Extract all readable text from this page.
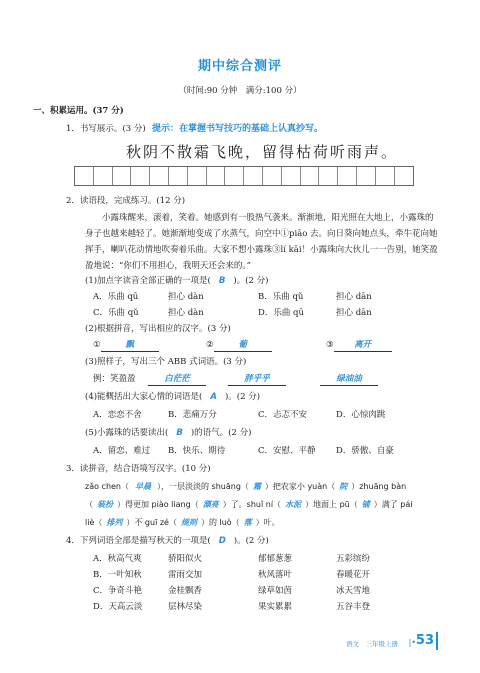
期中综合测评
（时间:90 分钟　满分:100 分）
一、积累运用。(37 分)
1．书写展示。(3 分) 提示：在掌握书写技巧的基础上认真抄写。
秋阴不散霜飞晚，留得枯荷听雨声。
2．读语段，完成练习。(12 分)
小露珠醒来，滚着，笑着。她感到有一股热气袭来。渐渐地，阳光照在大地上，小露珠的身子也越来越轻了。她渐渐地变成了水蒸气，向空中①piāo 去。向日葵向她点头，牵牛花向她挥手，喇叭花动情地吹奏着乐曲。大家不想小露珠③lí kāi！小露珠向大伙儿一一告别，她笑盈盈地说：“你们不用担心，我明天还会来的。”
(1)加点字读音全部正确的一项是( B )。(2 分)
A．乐曲 qū	担心 dàn	B．乐曲 qǔ	担心 dān
C．乐曲 qǔ	担心 dàn	D．乐曲 qū	担心 dān
(2)根据拼音，写出相应的汉字。(3 分)
①	飘	②	葡	③ 离开
(3)照样子，写出三个 ABB 式词语。(3 分)
例：笑盈盈	白茫茫	胖乎乎	绿油油
(4)能概括出大家心情的词语是( A )。(2 分)
A．恋恋不舍	B．悲痛万分	C．忐忑不安	D．心惊肉跳
(5)小露珠的话要读出( B )的语气。(2 分)
A．留恋、难过 B．快乐、期待	C．安慰、平静 D．骄傲、自豪
3．读拼音，结合语境写汉字。(10 分)
zǎo chen（ 早晨 ），一层淡淡的 shuāng（ 霜 ）把农家小 yuàn（ 院 ）zhuāng bàn
（ 装扮 ）得更加 piào liang（ 漂亮 ）了。shuǐ ní（ 水泥 ）地面上 pū（ 铺 ）满了 pái
liè（ 排列 ）不 guī zé（ 规则 ）的 luò（ 落 ）叶。
4．下列词语全部是描写秋天的一项是( D )。(2 分)
A．秋高气爽	骄阳似火	郁郁葱葱	五彩缤纷
B．一叶知秋	雷雨交加	秋风落叶	春暖花开
C．争奇斗艳	金桂飘香	绿草如茵	冰天雪地
D．天高云淡	层林尽染	果实累累	五谷丰登
语文　三年级上册 |• 53
